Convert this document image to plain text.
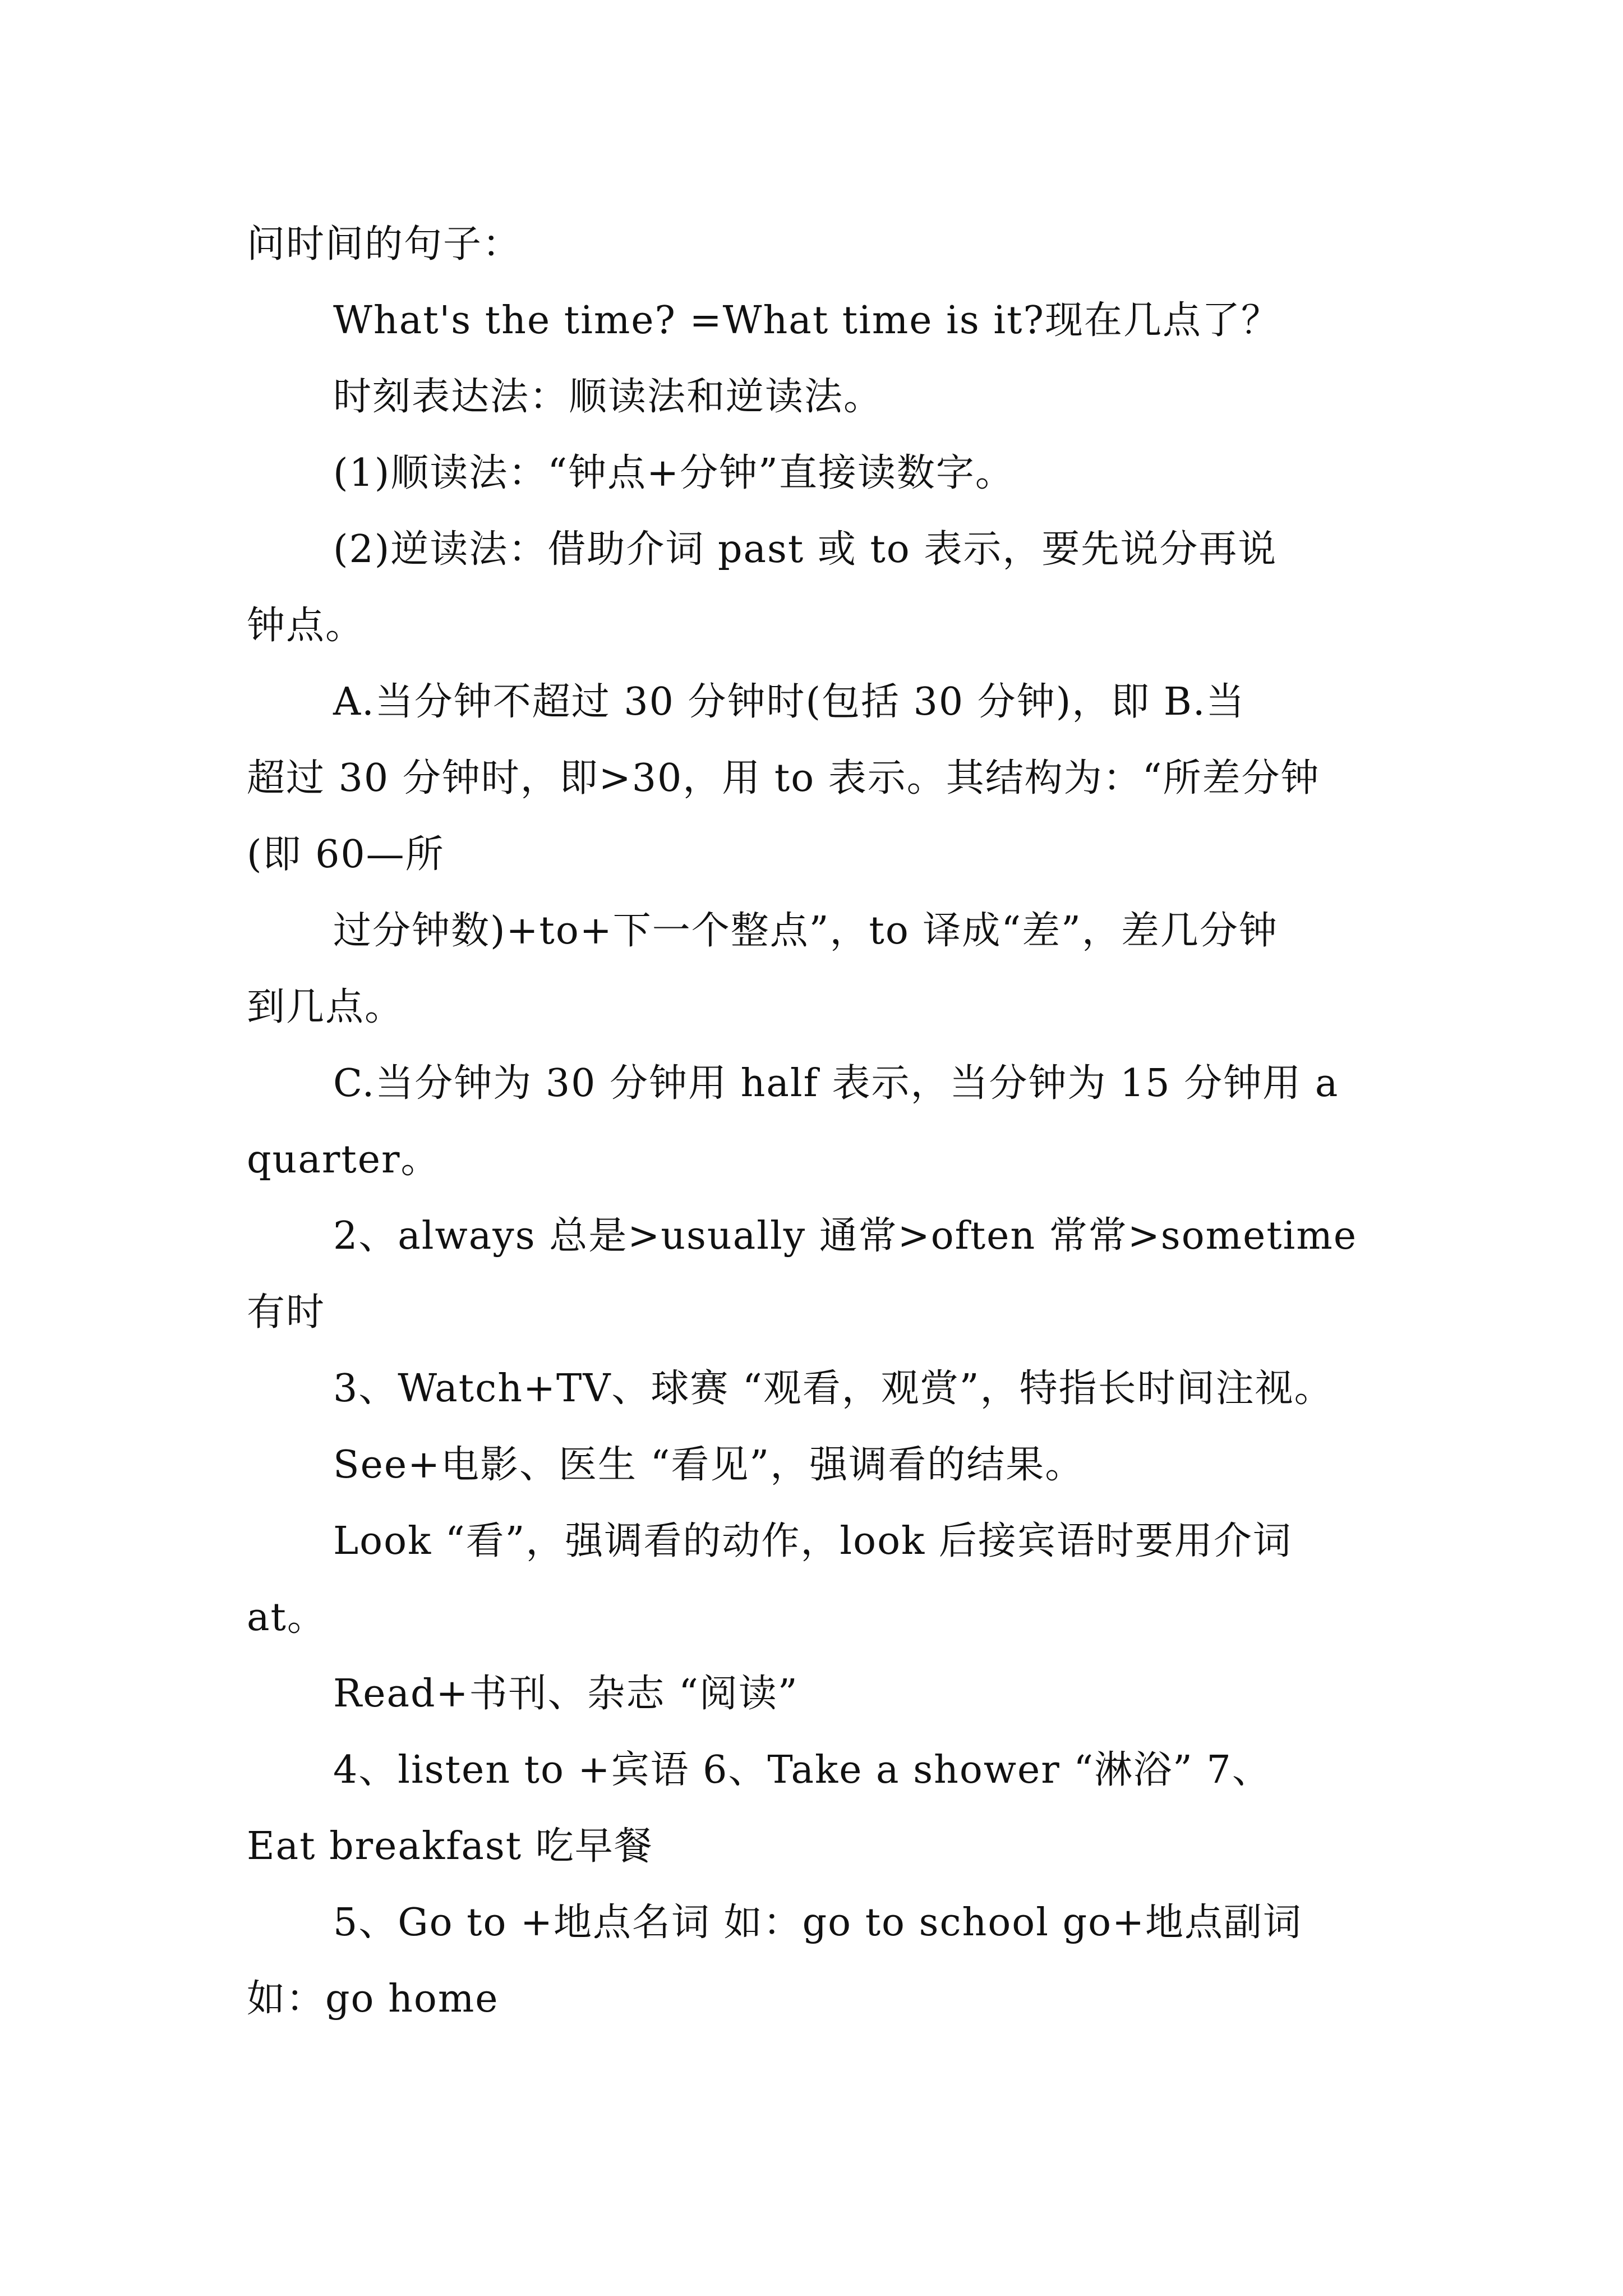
问时间的句子：
What's the time? =What time is it?现在几点了？
时刻表达法：顺读法和逆读法。
(1)顺读法：“钟点+分钟”直接读数字。
(2)逆读法：借助介词 past 或 to 表示，要先说分再说
钟点。
A.当分钟不超过 30 分钟时(包括 30 分钟)，即 B.当
超过 30 分钟时，即>30，用 to 表示。其结构为：“所差分钟
(即 60—所
过分钟数)+to+下一个整点”，to 译成“差”，差几分钟
到几点。
C.当分钟为 30 分钟用 half 表示，当分钟为 15 分钟用 a
quarter。
2、always 总是>usually 通常>often 常常>sometime
有时
3、Watch+TV、球赛 “观看，观赏”，特指长时间注视。
See+电影、医生 “看见”，强调看的结果。
Look “看”，强调看的动作，look 后接宾语时要用介词
at。
Read+书刊、杂志 “阅读”
4、listen to +宾语 6、Take a shower “淋浴” 7、
Eat breakfast 吃早餐
5、Go to +地点名词 如：go to school go+地点副词
如：go home
